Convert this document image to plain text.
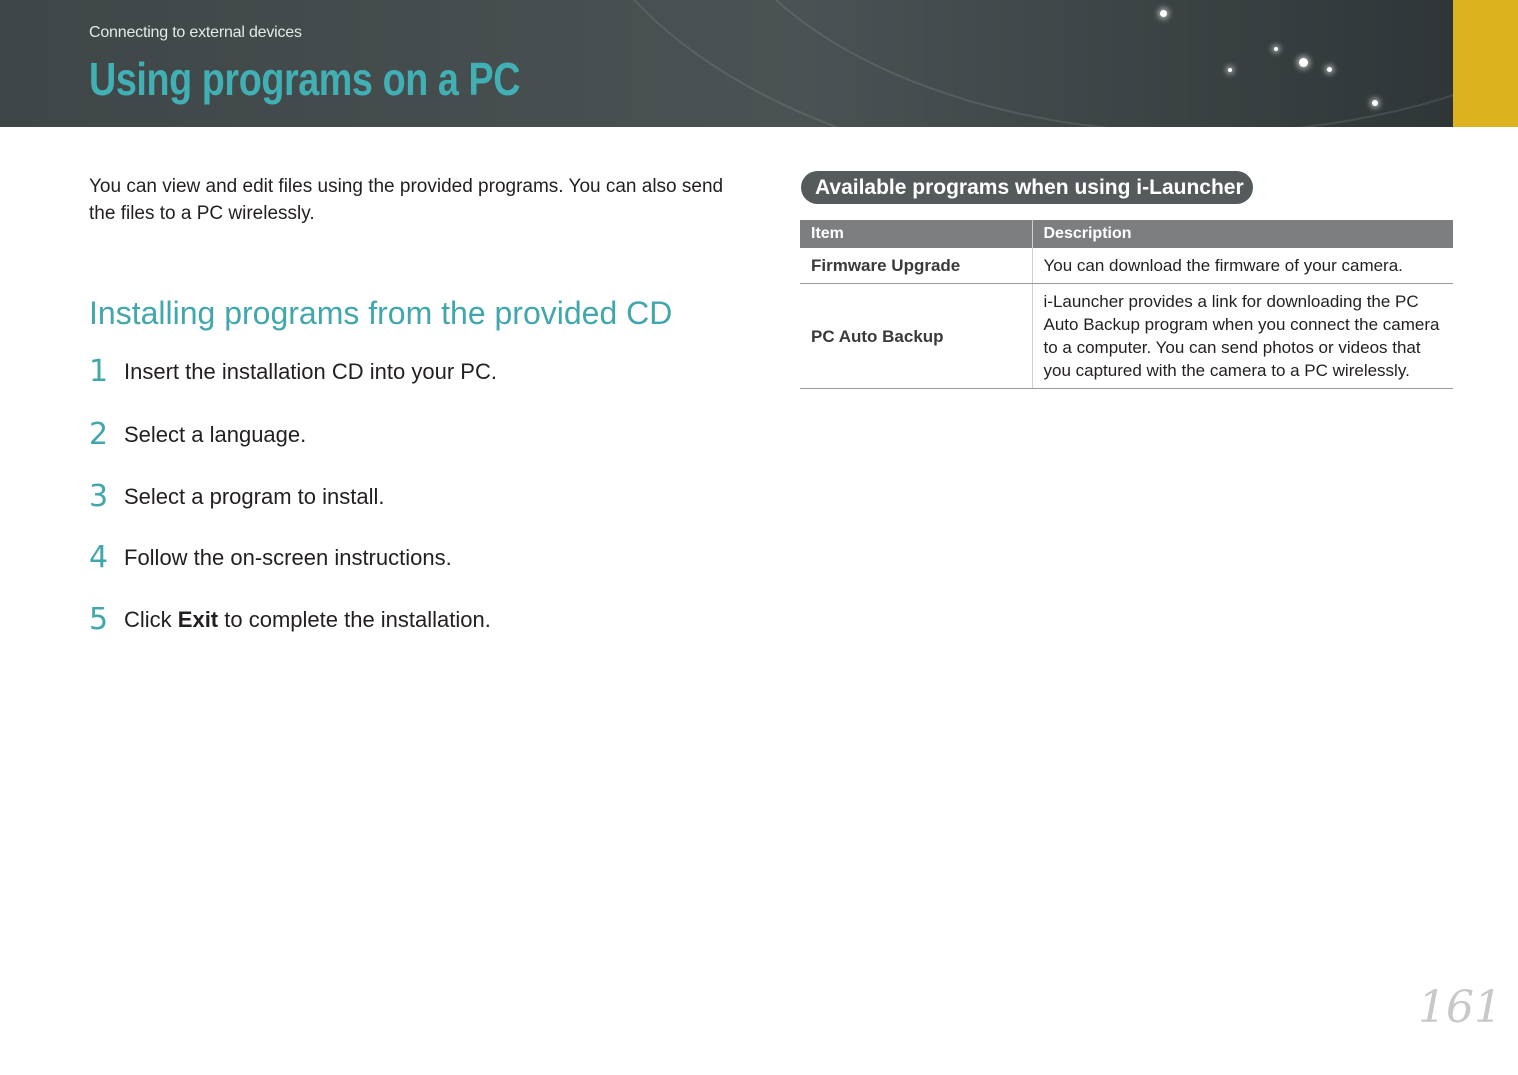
Connecting to external devices
Using programs on a PC

You can view and edit files using the provided programs. You can also send the files to a PC wirelessly.

Installing programs from the provided CD
1 Insert the installation CD into your PC.
2 Select a language.
3 Select a program to install.
4 Follow the on-screen instructions.
5 Click Exit to complete the installation.
Available programs when using i-Launcher
Item	Description
Firmware Upgrade	You can download the firmware of your camera.
PC Auto Backup	i-Launcher provides a link for downloading the PC Auto Backup program when you connect the camera to a computer. You can send photos or videos that you captured with the camera to a PC wirelessly.
161
